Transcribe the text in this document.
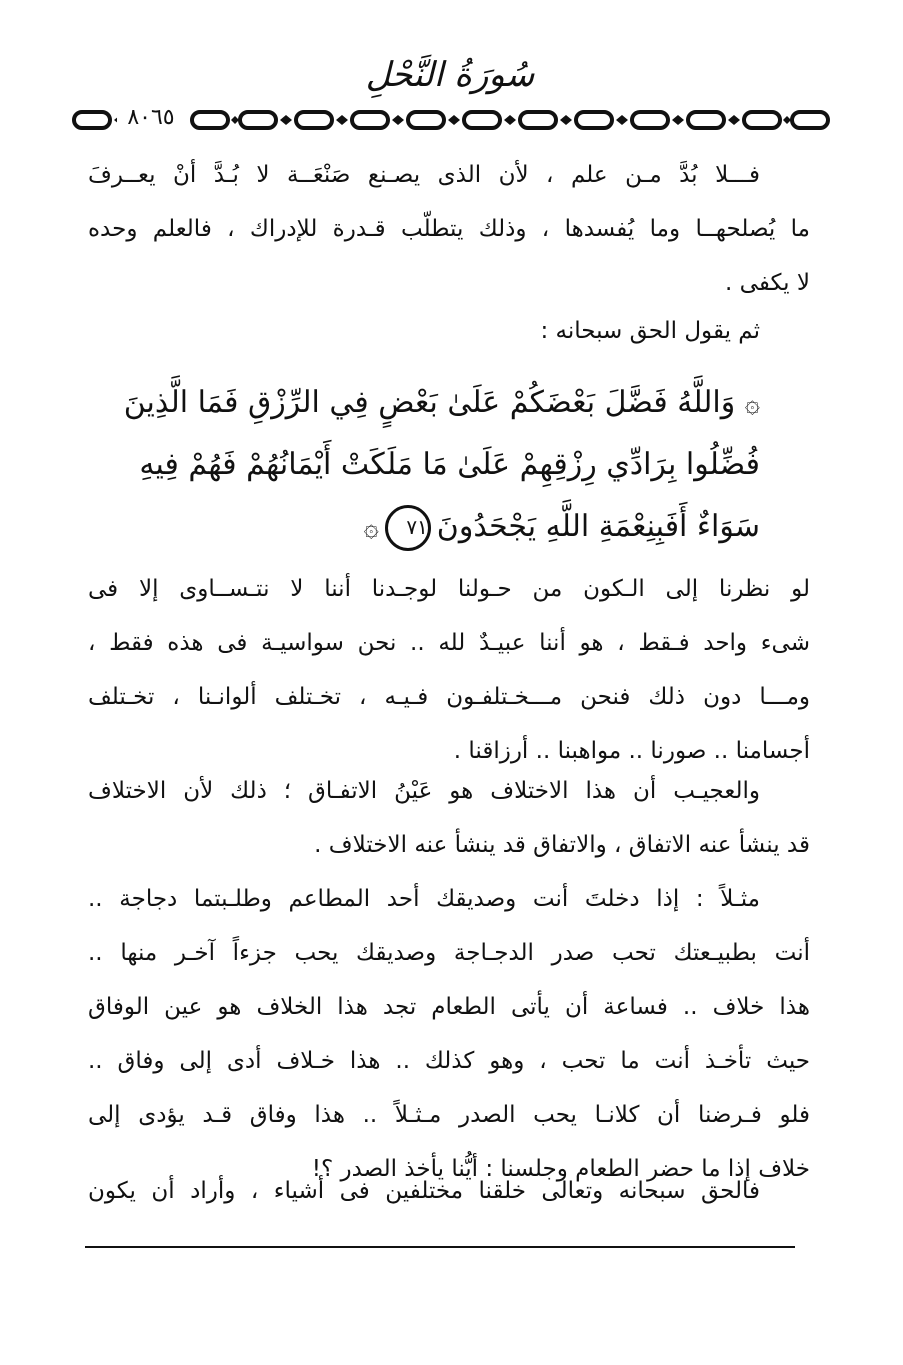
سُورَةُ النَّحْلِ
٨٠٦٥
فـــلا بُدَّ مـن علم ، لأن الذى يصـنع صَنْعَــة لا بُـدَّ أنْ يعــرفَ
ما يُصلحهــا وما يُفسدها ، وذلك يتطلّب قـدرة للإدراك ، فالعلم وحده
لا يكفى .
ثم يقول الحق سبحانه :
۞ وَاللَّهُ فَضَّلَ بَعْضَكُمْ عَلَىٰ بَعْضٍ فِي الرِّزْقِ فَمَا الَّذِينَ
فُضِّلُوا بِرَادِّي رِزْقِهِمْ عَلَىٰ مَا مَلَكَتْ أَيْمَانُهُمْ فَهُمْ فِيهِ
سَوَاءٌ أَفَبِنِعْمَةِ اللَّهِ يَجْحَدُونَ٧١۞
لو نظرنا إلى الـكون من حـولنا لوجـدنا أننا لا نتـســاوى إلا فى
شىء واحد فـقط ، هو أننا عبيـدٌ لله .. نحن سواسيـة فى هذه فقط ،
ومـــا دون ذلك فنحن مـــخـتلفـون فـيـه ، تخـتلف ألوانـنا ، تخـتلف
أجسامنا .. صورنا .. مواهبنا .. أرزاقنا .
والعجيـب أن هذا الاختلاف هو عَيْنُ الاتفـاق ؛ ذلك لأن الاختلاف
قد ينشأ عنه الاتفاق ، والاتفاق قد ينشأ عنه الاختلاف .
مثـلاً : إذا دخلتَ أنت وصديقك أحد المطاعم وطلـبتما دجاجة ..
أنت بطبيـعتك تحب صدر الدجـاجة وصديقك يحب جزءاً آخـر منها ..
هذا خلاف .. فساعة أن يأتى الطعام تجد هذا الخلاف هو عين الوفاق
حيث تأخـذ أنت ما تحب ، وهو كذلك .. هذا خـلاف أدى إلى وفاق ..
فلو فـرضنا أن كلانـا يحب الصدر مـثـلاً .. هذا وفاق قـد يؤدى إلى
خلاف إذا ما حضر الطعام وجلسنا : أيُّنا يأخذ الصدر ؟!
فالحق سبحانه وتعالى خلقنا مختلفين فى أشياء ، وأراد أن يكون
